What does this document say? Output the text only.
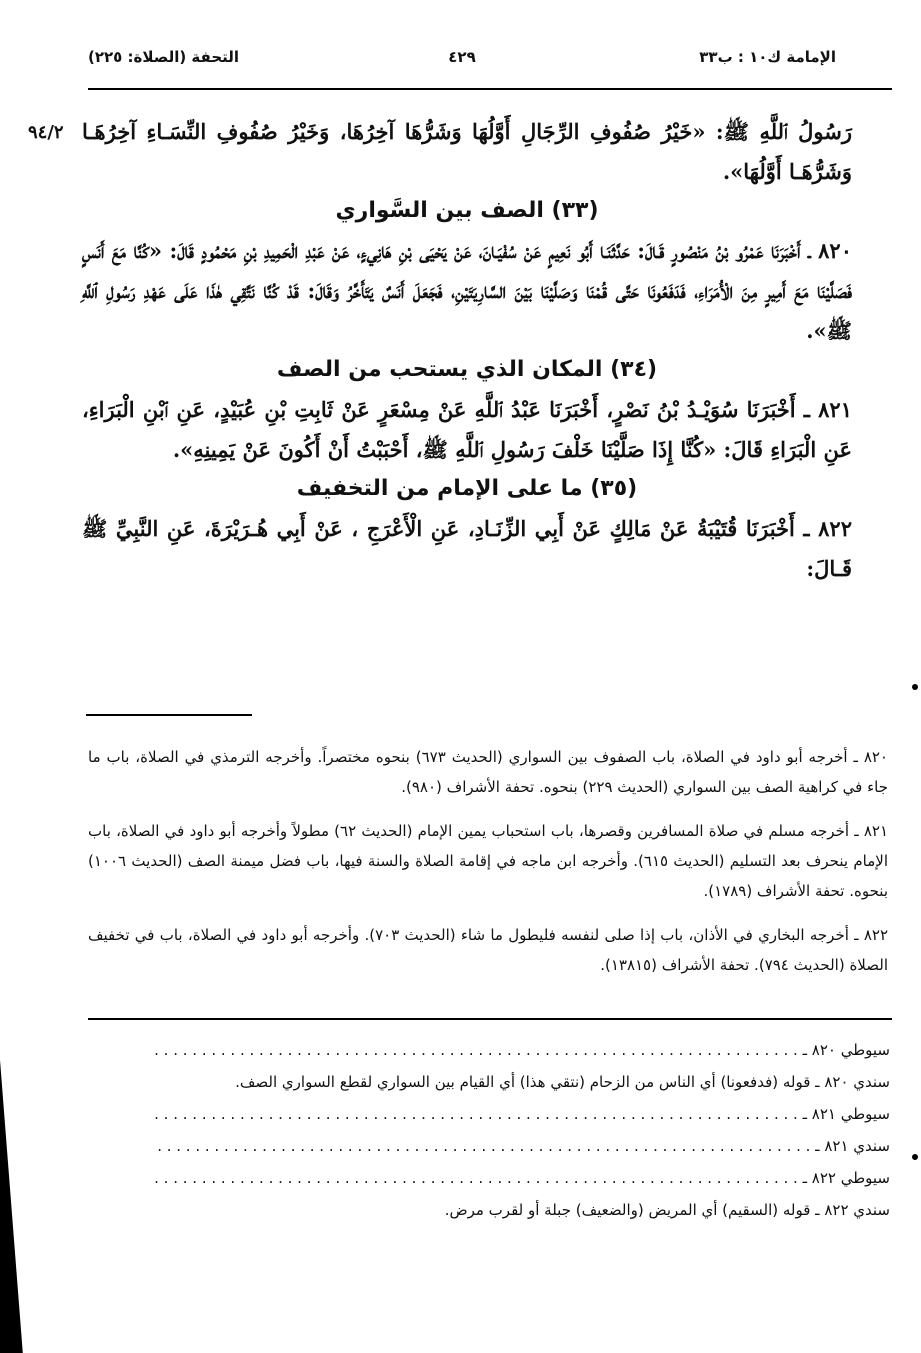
الإمامة ك١٠ : ب٣٣
٤٢٩
التحفة (الصلاة: ٢٢٥)
٩٤/٢ رَسُولُ ٱللَّهِ ﷺ: «خَيْرُ صُفُوفِ الرِّجَالِ أَوَّلُهَا وَشَرُّهَا آخِرُهَا، وَخَيْرُ صُفُوفِ النِّسَـاءِ آخِرُهَـا وَشَرُّهَـا أَوَّلُهَا».

(٣٣) الصف بين السَّواري

٨٢٠ ـ أَخْبَرَنَا عَمْرُو بْنُ مَنْصُورٍ قَـالَ: حَدَّثَنَـا أَبُو نَعِيمٍ عَنْ سُفْيَـانَ، عَنْ يَحْيَى بْنِ هَانِيءٍ، عَنْ عَبْدِ الْحَمِيدِ بْنِ مَحْمُودٍ قَالَ: «كُنَّا مَعَ أَنَسٍ فَصَلَّيْنَا مَعَ أَمِيرٍ مِنَ الْأُمَرَاءِ، فَدَفَعُونَا حَتَّى قُمْنَا وَصَلَّيْنَا بَيْنَ السَّارِيَتَيْنِ، فَجَعَلَ أَنَسٌ يَتَأَخَّرُ وَقَالَ: قَدْ كُنَّا نَتَّقِي هٰذَا عَلَى عَهْدِ رَسُولِ ٱللَّهِ ﷺ».

(٣٤) المكان الذي يستحب من الصف

٨٢١ ـ أَخْبَرَنَا سُوَيْـدُ بْنُ نَصْرٍ، أَخْبَرَنَا عَبْدُ ٱللَّهِ عَنْ مِسْعَرٍ عَنْ ثَابِتِ بْنِ عُبَيْدٍ، عَنِ ٱبْنِ الْبَرَاءِ، عَنِ الْبَرَاءِ قَالَ: «كُنَّا إِذَا صَلَّيْنَا خَلْفَ رَسُولِ ٱللَّهِ ﷺ، أَحْبَبْتُ أَنْ أَكُونَ عَنْ يَمِينِهِ».

(٣٥) ما على الإمام من التخفيف

٨٢٢ ـ أَخْبَرَنَا قُتَيْبَةُ عَنْ مَالِكٍ عَنْ أَبِي الزِّنَـادِ، عَنِ الْأَعْرَجِ ، عَنْ أَبِي هُـرَيْرَةَ، عَنِ النَّبِيِّ ﷺ قَـالَ:

٨٢٠ ـ أخرجه أبو داود في الصلاة، باب الصفوف بين السواري (الحديث ٦٧٣) بنحوه مختصراً. وأخرجه الترمذي في الصلاة، باب ما جاء في كراهية الصف بين السواري (الحديث ٢٢٩) بنحوه. تحفة الأشراف (٩٨٠).

٨٢١ ـ أخرجه مسلم في صلاة المسافرين وقصرها، باب استحباب يمين الإمام (الحديث ٦٢) مطولاً وأخرجه أبو داود في الصلاة، باب الإمام ينحرف بعد التسليم (الحديث ٦١٥). وأخرجه ابن ماجه في إقامة الصلاة والسنة فيها، باب فضل ميمنة الصف (الحديث ١٠٠٦) بنحوه. تحفة الأشراف (١٧٨٩).

٨٢٢ ـ أخرجه البخاري في الأذان، باب إذا صلى لنفسه فليطول ما شاء (الحديث ٧٠٣). وأخرجه أبو داود في الصلاة، باب في تخفيف الصلاة (الحديث ٧٩٤). تحفة الأشراف (١٣٨١٥).

سيوطي ٨٢٠ ـ . . . . . . . . . . . . . . . . . . . . . . . . . . . . . . . . . . . . . . . . . . . . . . . . . . . . . . . . . . . . . . . . . . . .
سندي ٨٢٠ ـ قوله (فدفعونا) أي الناس من الزحام (نتقي هذا) أي القيام بين السواري لقطع السواري الصف.
سيوطي ٨٢١ ـ . . . . . . . . . . . . . . . . . . . . . . . . . . . . . . . . . . . . . . . . . . . . . . . . . . . . . . . . . . . . . . . . . . . .
سندي ٨٢١ ـ . . . . . . . . . . . . . . . . . . . . . . . . . . . . . . . . . . . . . . . . . . . . . . . . . . . . . . . . . . . . . . . . . . . . .
سيوطي ٨٢٢ ـ . . . . . . . . . . . . . . . . . . . . . . . . . . . . . . . . . . . . . . . . . . . . . . . . . . . . . . . . . . . . . . . . . . . .
سندي ٨٢٢ ـ قوله (السقيم) أي المريض (والضعيف) جبلة أو لقرب مرض.
